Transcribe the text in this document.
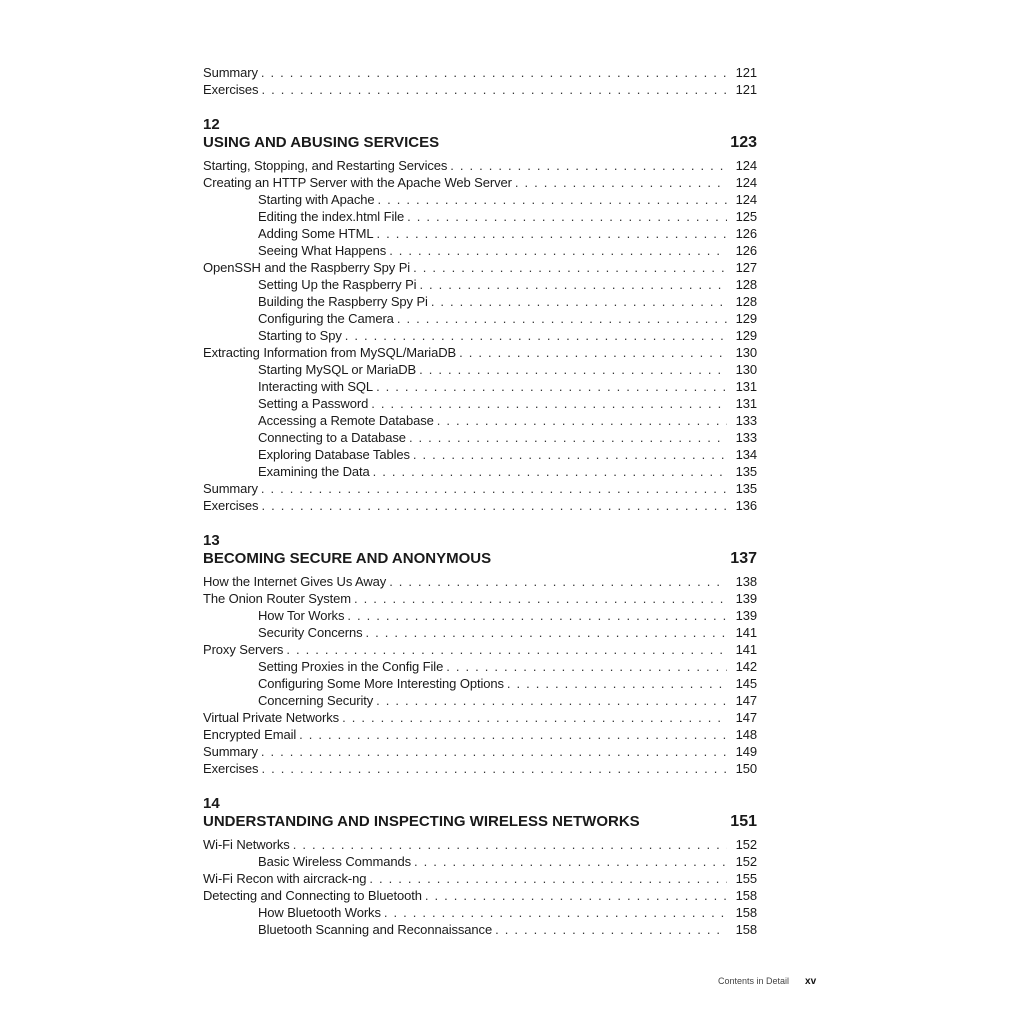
Summary . . .	121
Exercises . . .	121
12
USING AND ABUSING SERVICES	123
Starting, Stopping, and Restarting Services . . .	124
Creating an HTTP Server with the Apache Web Server . . .	124
Starting with Apache . . .	124
Editing the index.html File . . .	125
Adding Some HTML . . .	126
Seeing What Happens . . .	126
OpenSSH and the Raspberry Spy Pi . . .	127
Setting Up the Raspberry Pi . . .	128
Building the Raspberry Spy Pi . . .	128
Configuring the Camera . . .	129
Starting to Spy . . .	129
Extracting Information from MySQL/MariaDB . . .	130
Starting MySQL or MariaDB . . .	130
Interacting with SQL . . .	131
Setting a Password . . .	131
Accessing a Remote Database . . .	133
Connecting to a Database . . .	133
Exploring Database Tables . . .	134
Examining the Data . . .	135
Summary . . .	135
Exercises . . .	136
13
BECOMING SECURE AND ANONYMOUS	137
How the Internet Gives Us Away . . .	138
The Onion Router System . . .	139
How Tor Works . . .	139
Security Concerns . . .	141
Proxy Servers . . .	141
Setting Proxies in the Config File . . .	142
Configuring Some More Interesting Options . . .	145
Concerning Security . . .	147
Virtual Private Networks . . .	147
Encrypted Email . . .	148
Summary . . .	149
Exercises . . .	150
14
UNDERSTANDING AND INSPECTING WIRELESS NETWORKS	151
Wi-Fi Networks . . .	152
Basic Wireless Commands . . .	152
Wi-Fi Recon with aircrack-ng . . .	155
Detecting and Connecting to Bluetooth . . .	158
How Bluetooth Works . . .	158
Bluetooth Scanning and Reconnaissance . . .	158
Contents in Detail xv
